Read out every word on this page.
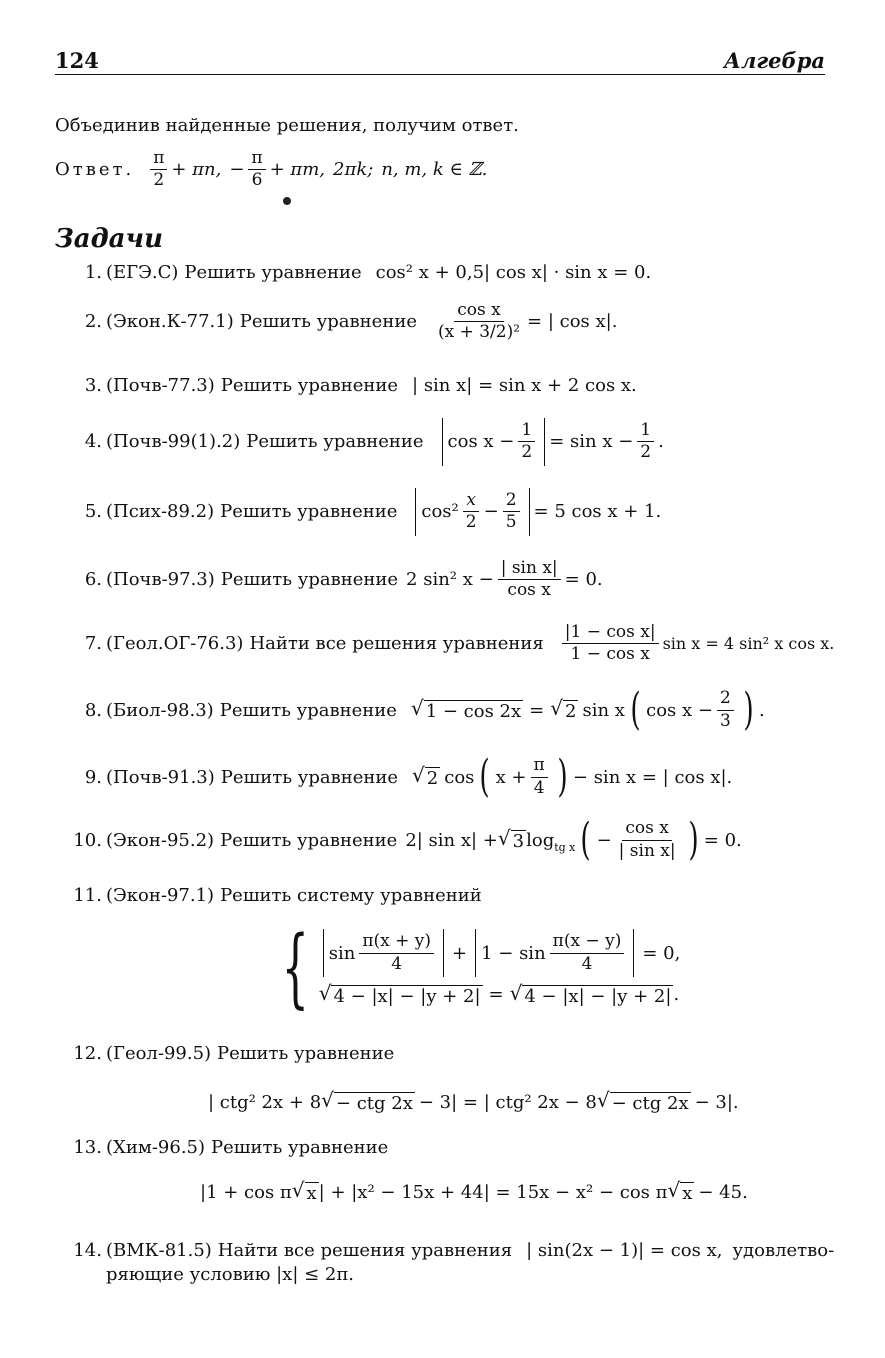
124	Алгебра
Объединив найденные решения, получим ответ.
Ответ. $\frac{\pi}{2} + \pi n$, − $\frac{\pi}{6} + \pi m$, 2πk; n, m, k ∈ ℤ.
Задачи
1. (ЕГЭ.С) Решить уравнение cos² x + 0,5| cos x| · sin x = 0.
2. (Экон.К-77.1) Решить уравнение $\frac{\text{cos x}}{\text{(x + 3/2)²}}$ = | cos x|.
3. (Почв-77.3) Решить уравнение | sin x| = sin x + 2 cos x.
4. (Почв-99(1).2) Решить уравнение $\cos x - \frac{1}{2} = \sin x - \frac{1}{2}$ .
5. (Псих-89.2) Решить уравнение $\cos^2 \frac{x}{2} - \frac{2}{5} = 5$ cos x + 1.
6. (Почв-97.3) Решить уравнение 2 sin² $x - \frac{\text{| sin x|}}{\text{cos x}} = 0$.
7. (Геол.ОГ-76.3) Найти все решения уравнения $\frac{\text{|1 − cos x|}}{\text{1 − cos x}}$ sin x = 4 sin² x cos x.
8. (Биол-98.3) Решить уравнение √ 1 − cos 2x = √ 2 sin x ( $\cos x - \frac{2}{3}$ ) .
9. (Почв-91.3) Решить уравнение √ 2 cos ( $x + \frac{\pi}{4}$ ) − sin x = | cos x|.
10. (Экон-95.2) Решить уравнение 2| sin x| + √ 3 $\log_{tg x}$ ( − $\frac{\text{cos x}}{\text{| sin x|}}$ ) = 0.
11. (Экон-97.1) Решить систему уравнений
{ $\sin \frac{\pi(x + y)}{4} + 1 - \sin \frac{\pi(x - y)}{4} = 0$,
√ 4 − |x| − |y + 2| = √ 4 − |x| − |y + 2| .
12. (Геол-99.5) Решить уравнение
| ctg² 2x + 8 √ − ctg 2x − 3| = | ctg² 2x − 8 √ − ctg 2x − 3|.
13. (Хим-96.5) Решить уравнение
|1 + cos π √ x | + |x² − 15x + 44| = 15x − x² − cos π √ x − 45.
14. (ВМК-81.5) Найти все решения уравнения | sin(2x − 1)| = cos x, удовлетво-
ряющие условию |x| ≤ 2π.
